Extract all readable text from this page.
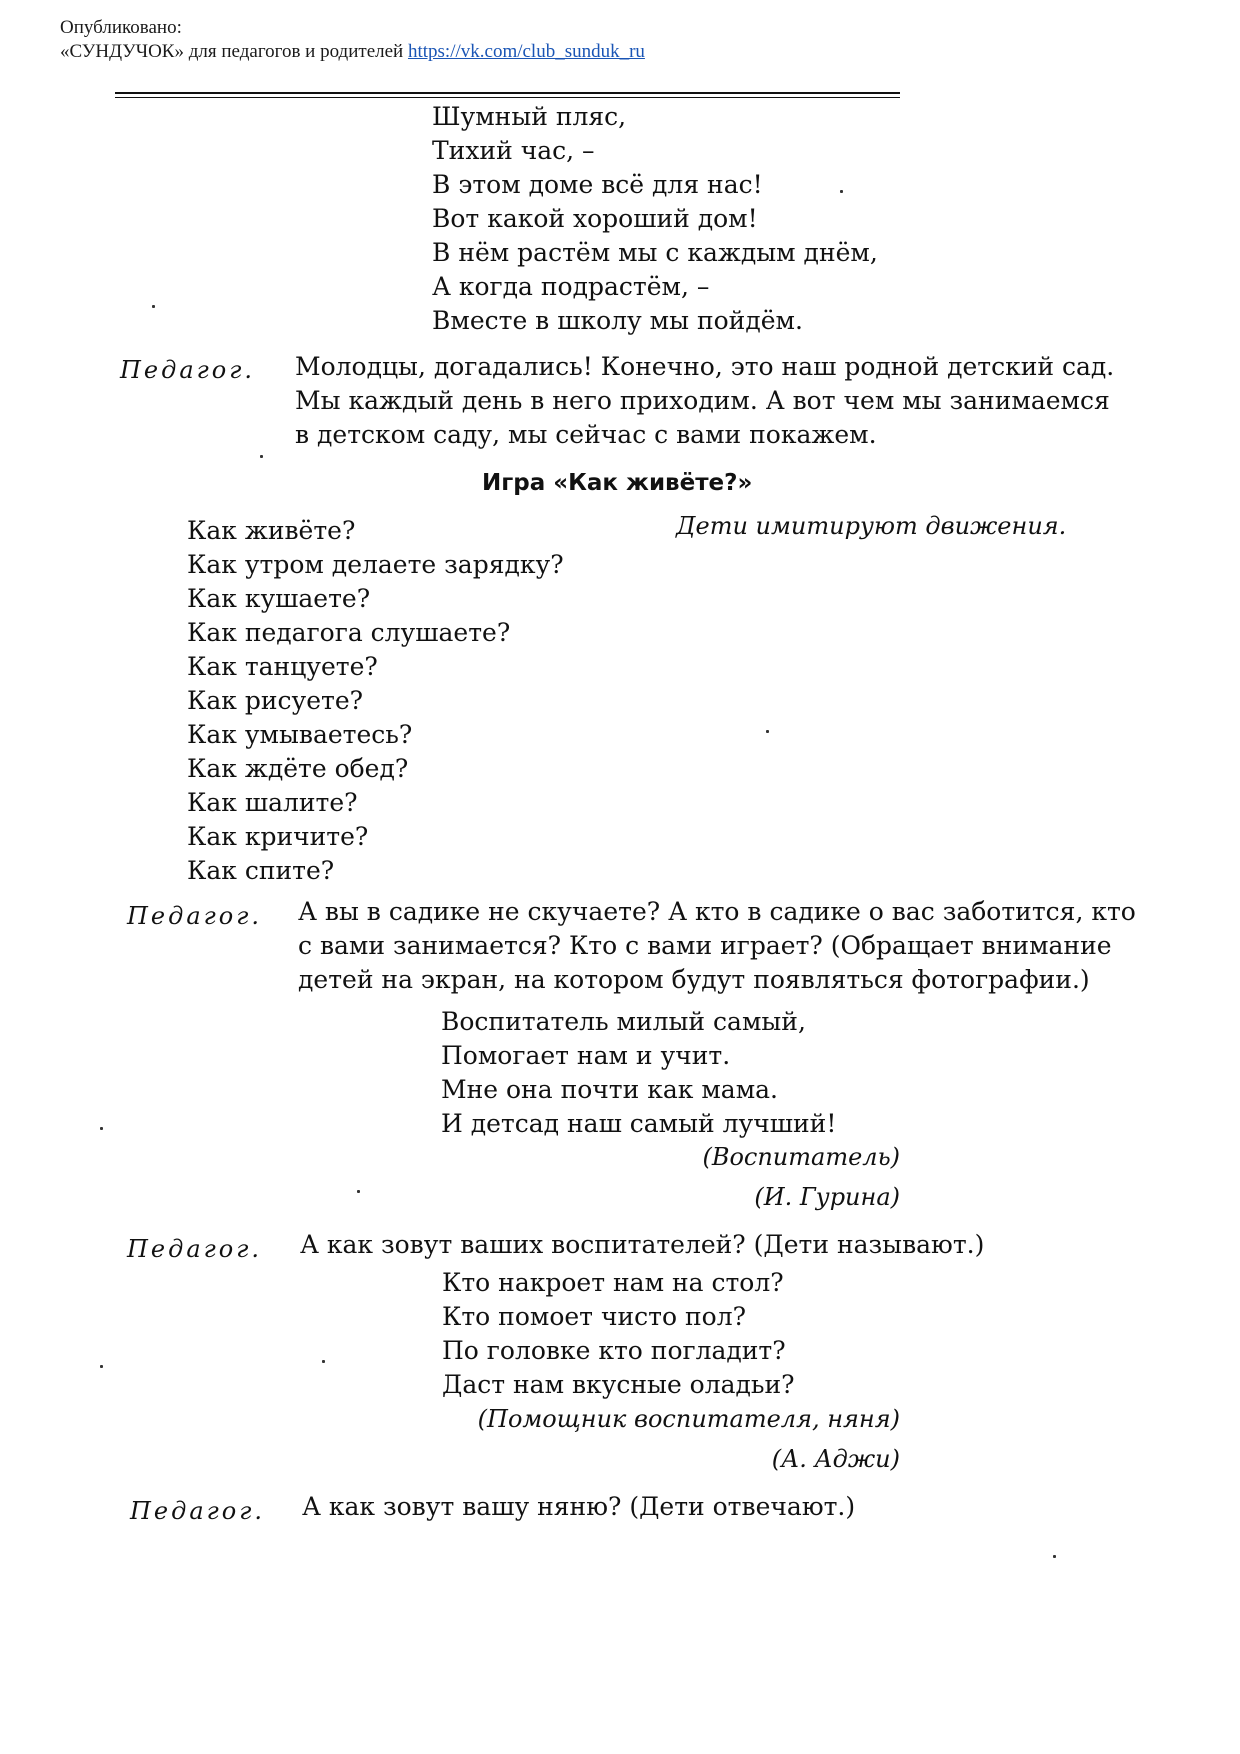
Опубликовано:
«СУНДУЧОК» для педагогов и родителей https://vk.com/club_sunduk_ru
Шумный пляс,
Тихий час, –
В этом доме всё для нас!
Вот какой хороший дом!
В нём растём мы с каждым днём,
А когда подрастём, –
Вместе в школу мы пойдём.
Педагог. Молодцы, догадались! Конечно, это наш родной детский сад.
Мы каждый день в него приходим. А вот чем мы занимаемся
в детском саду, мы сейчас с вами покажем.
Игра «Как живёте?»
Дети имитируют движения.
Как живёте?
Как утром делаете зарядку?
Как кушаете?
Как педагога слушаете?
Как танцуете?
Как рисуете?
Как умываетесь?
Как ждёте обед?
Как шалите?
Как кричите?
Как спите?
Педагог. А вы в садике не скучаете? А кто в садике о вас заботится, кто
с вами занимается? Кто с вами играет? (Обращает внимание
детей на экран, на котором будут появляться фотографии.)
Воспитатель милый самый,
Помогает нам и учит.
Мне она почти как мама.
И детсад наш самый лучший!
(Воспитатель)
(И. Гурина)
Педагог. А как зовут ваших воспитателей? (Дети называют.)
Кто накроет нам на стол?
Кто помоет чисто пол?
По головке кто погладит?
Даст нам вкусные оладьи?
(Помощник воспитателя, няня)
(А. Аджи)
Педагог. А как зовут вашу няню? (Дети отвечают.)
